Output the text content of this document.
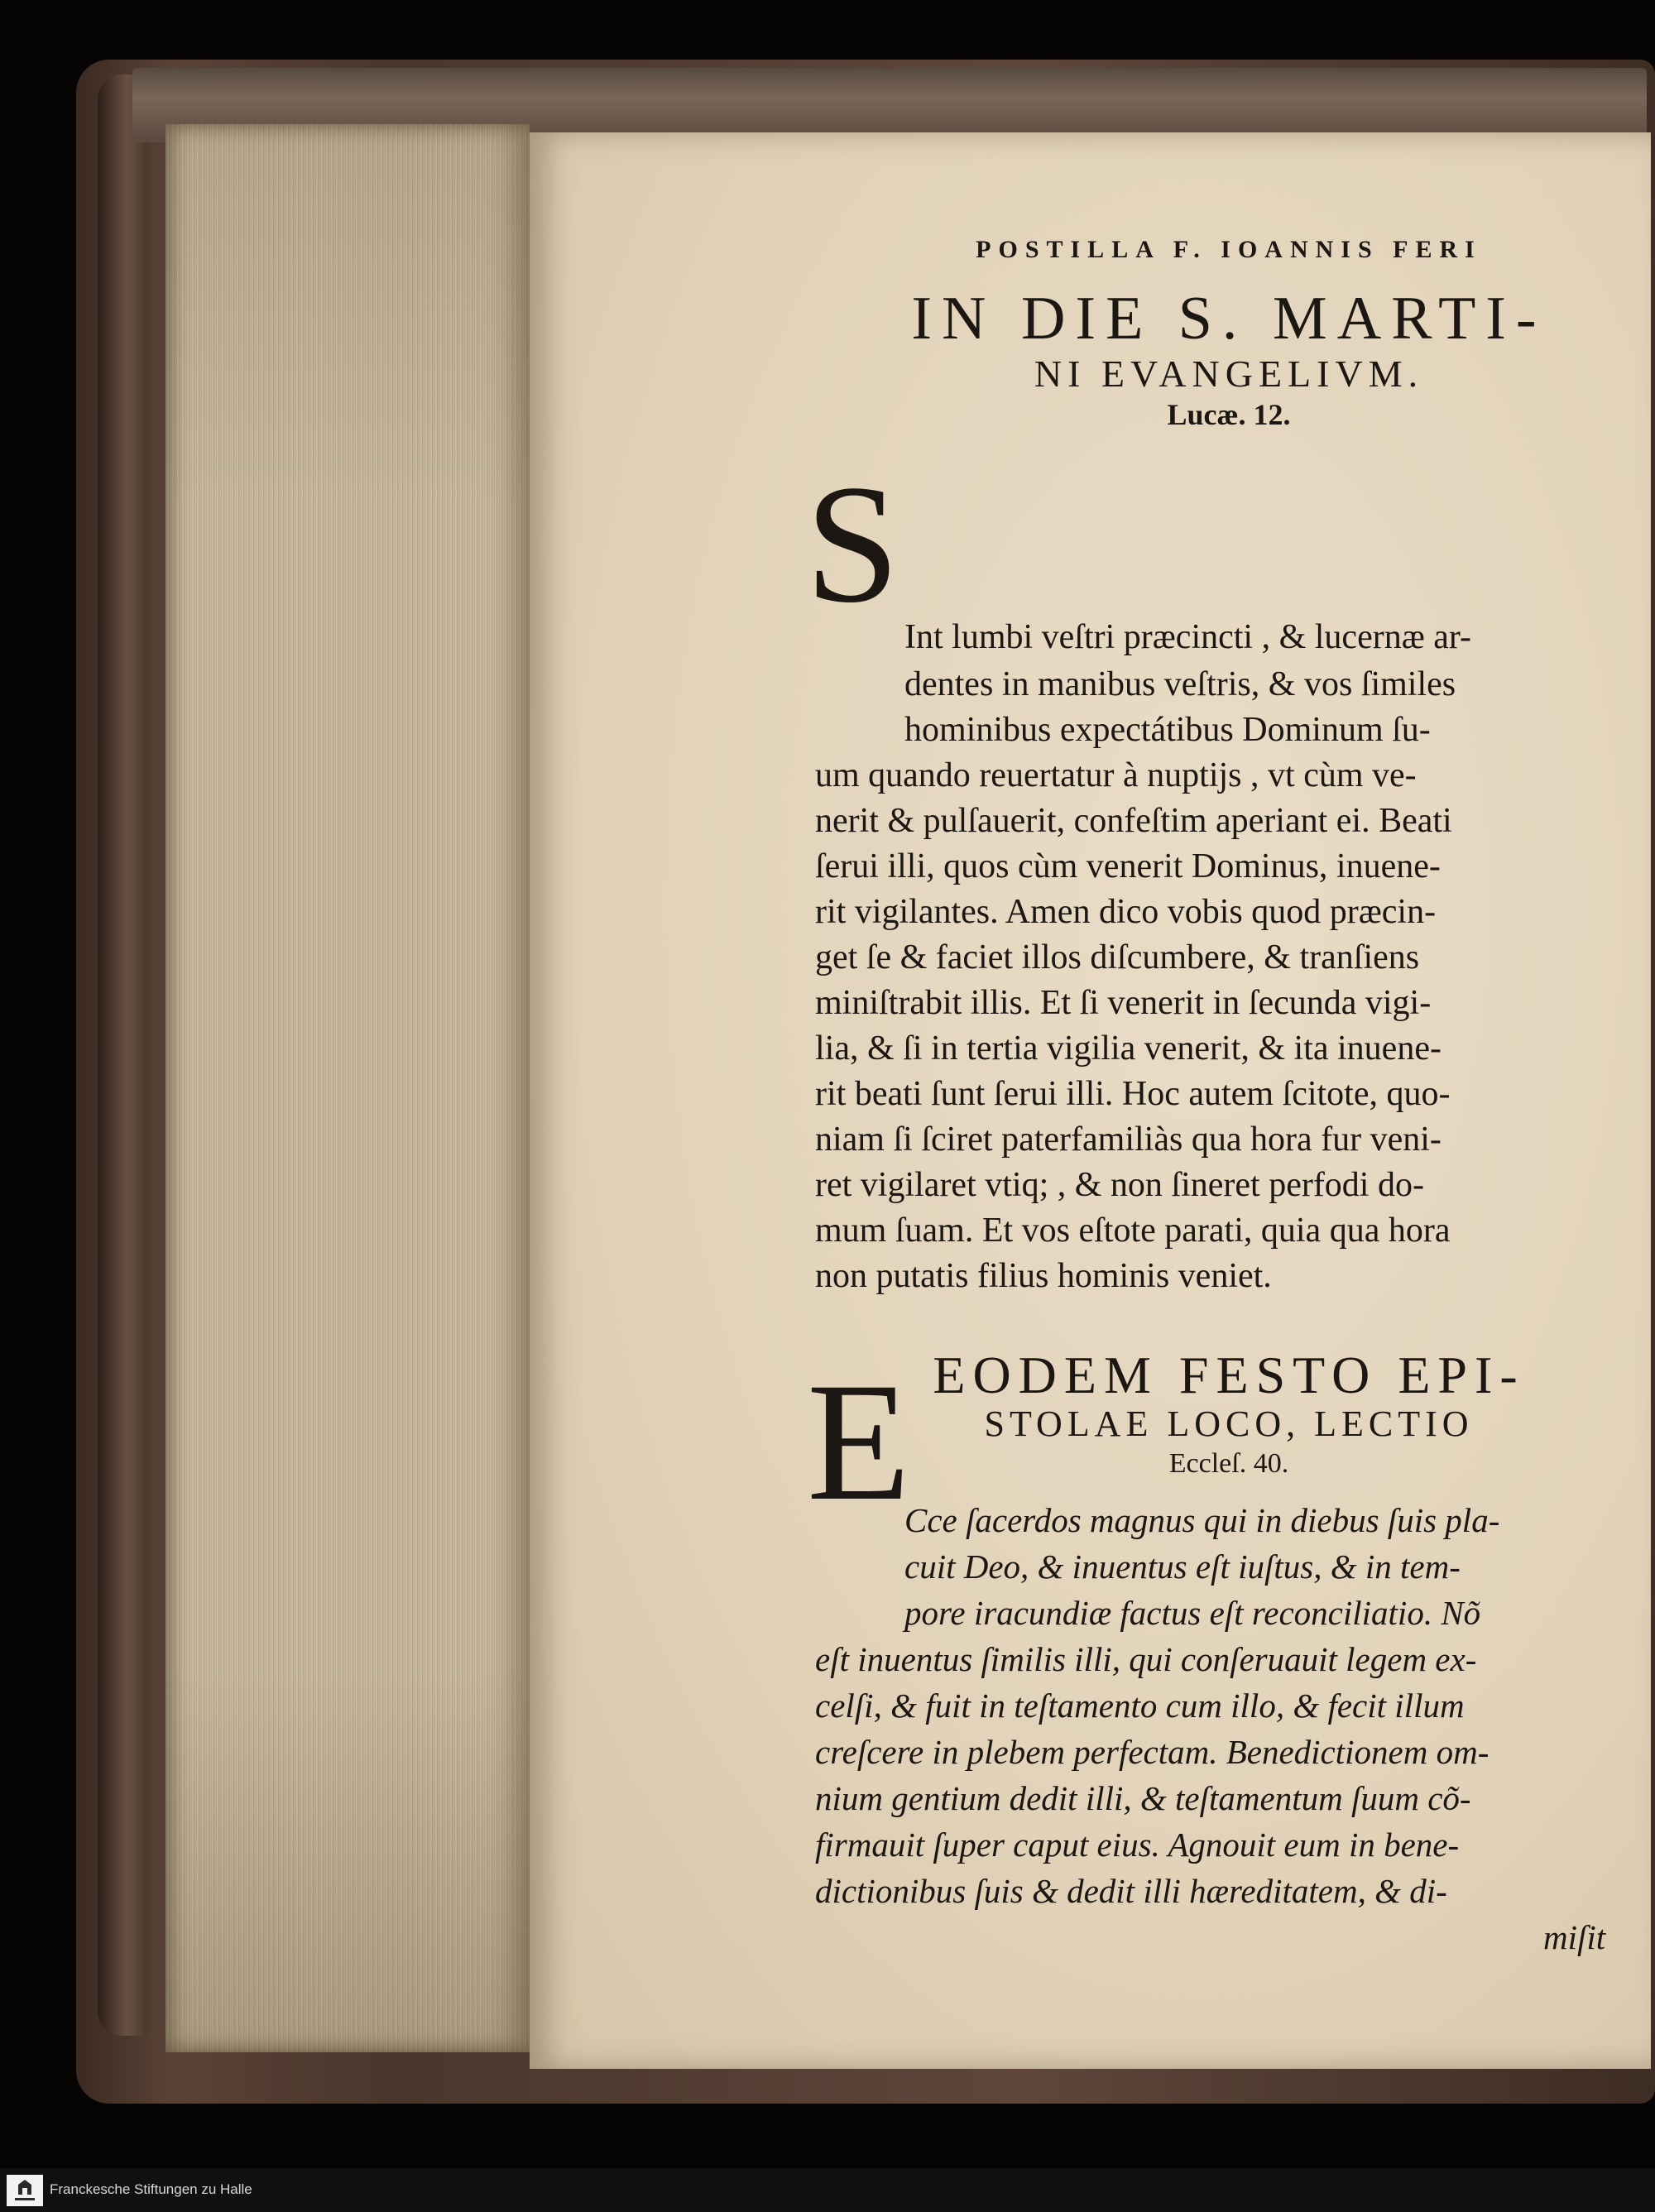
POSTILLA F. IOANNIS FERI
IN DIE S. MARTI-
NI EVANGELIVM.
Lucæ. 12.
S Int lumbi veſtri præcincti , & lucernæ ar-
dentes in manibus veſtris, & vos ſimiles
hominibus expectátibus Dominum ſu-
um quando reuertatur à nuptijs , vt cùm ve-
nerit & pulſauerit, confeſtim aperiant ei. Beati
ſerui illi, quos cùm venerit Dominus, inuene-
rit vigilantes. Amen dico vobis quod præcin-
get ſe & faciet illos diſcumbere, & tranſiens
miniſtrabit illis. Et ſi venerit in ſecunda vigi-
lia, & ſi in tertia vigilia venerit, & ita inuene-
rit beati ſunt ſerui illi. Hoc autem ſcitote, quo-
niam ſi ſciret paterfamiliàs qua hora fur veni-
ret vigilaret vtiq; , & non ſineret perfodi do-
mum ſuam. Et vos eſtote parati, quia qua hora
non putatis filius hominis veniet.
EODEM FESTO EPI-
STOLAE LOCO, LECTIO
Eccleſ. 40.
E
Cce ſacerdos magnus qui in diebus ſuis pla-
cuit Deo, & inuentus eſt iuſtus, & in tem-
pore iracundiæ factus eſt reconciliatio. Nõ
eſt inuentus ſimilis illi, qui conſeruauit legem ex-
celſi, & fuit in teſtamento cum illo, & fecit illum
creſcere in plebem perfectam. Benedictionem om-
nium gentium dedit illi, & teſtamentum ſuum cõ-
firmauit ſuper caput eius. Agnouit eum in bene-
dictionibus ſuis & dedit illi hæreditatem, & di-
miſit
Franckesche Stiftungen zu Halle
